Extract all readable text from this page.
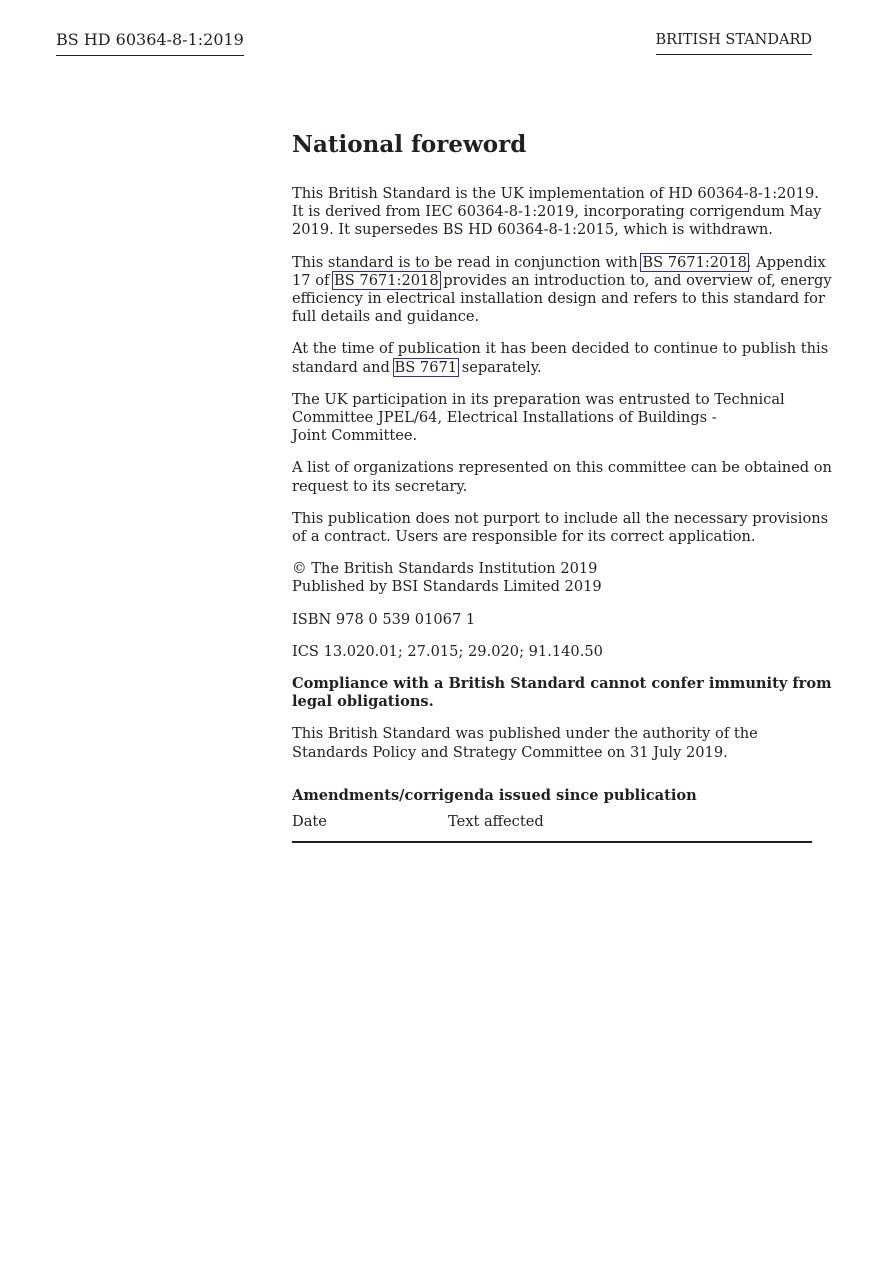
BS HD 60364-8-1:2019	BRITISH STANDARD
National foreword

This British Standard is the UK implementation of HD 60364-8-1:2019.
It is derived from IEC 60364-8-1:2019, incorporating corrigendum May
2019. It supersedes BS HD 60364-8-1:2015, which is withdrawn.

This standard is to be read in conjunction with BS 7671:2018. Appendix
17 of BS 7671:2018 provides an introduction to, and overview of, energy
efficiency in electrical installation design and refers to this standard for
full details and guidance.

At the time of publication it has been decided to continue to publish this
standard and BS 7671 separately.

The UK participation in its preparation was entrusted to Technical
Committee JPEL/64, Electrical Installations of Buildings -
Joint Committee.

A list of organizations represented on this committee can be obtained on
request to its secretary.

This publication does not purport to include all the necessary provisions
of a contract. Users are responsible for its correct application.

© The British Standards Institution 2019
Published by BSI Standards Limited 2019

ISBN 978 0 539 01067 1

ICS 13.020.01; 27.015; 29.020; 91.140.50

Compliance with a British Standard cannot confer immunity from
legal obligations.

This British Standard was published under the authority of the
Standards Policy and Strategy Committee on 31 July 2019.

Amendments/corrigenda issued since publication
Date	Text affected
